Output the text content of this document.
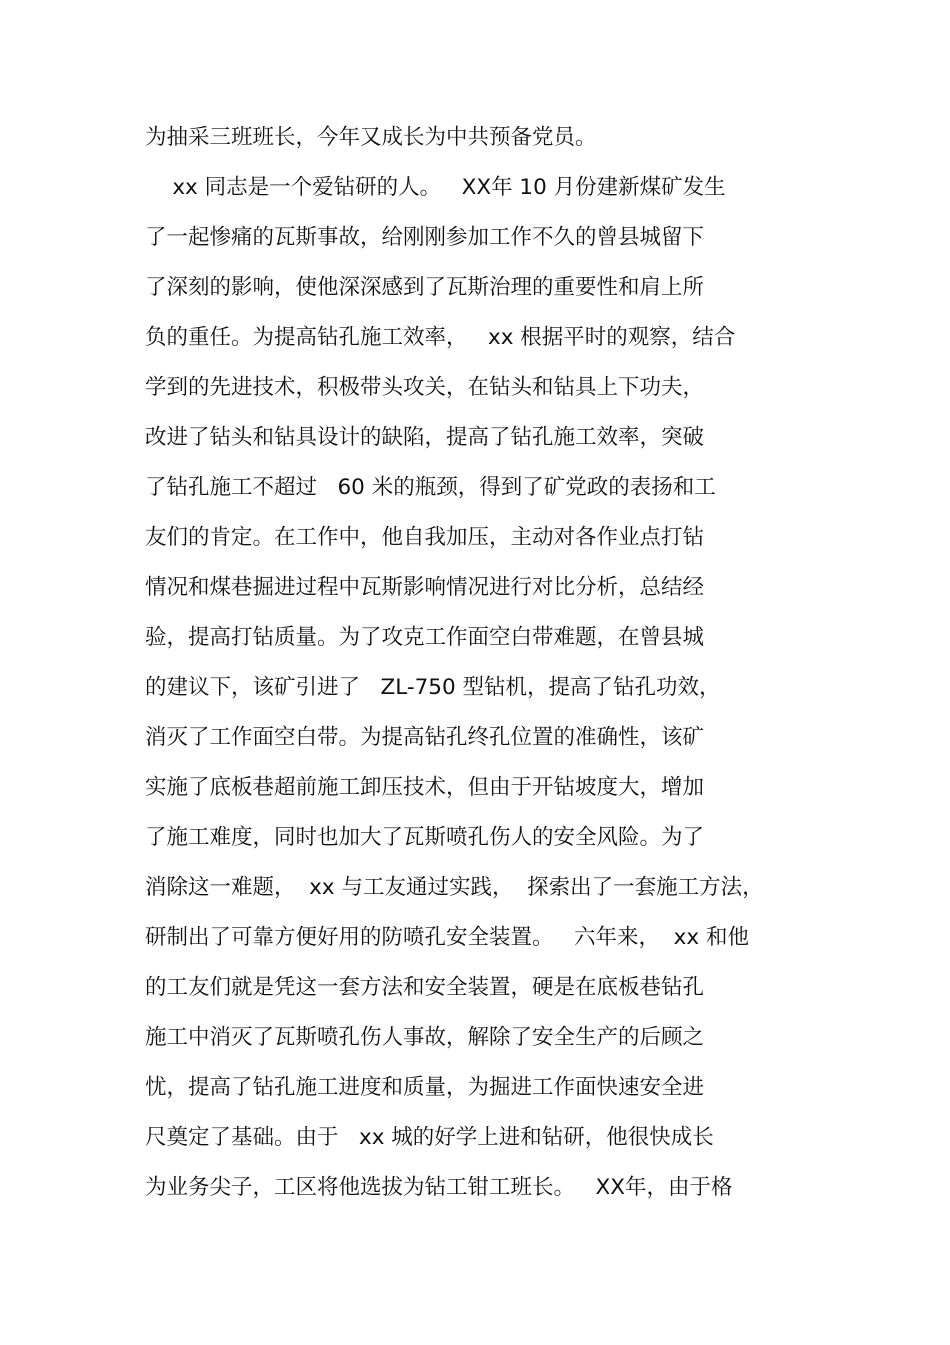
为抽采三班班长，今年又成长为中共预备党员。
xx 同志是一个爱钻研的人。   XX年 10 月份建新煤矿发生
了一起惨痛的瓦斯事故，给刚刚参加工作不久的曾县城留下
了深刻的影响，使他深深感到了瓦斯治理的重要性和肩上所
负的重任。为提高钻孔施工效率，   xx 根据平时的观察，结合
学到的先进技术，积极带头攻关，在钻头和钻具上下功夫，
改进了钻头和钻具设计的缺陷，提高了钻孔施工效率，突破
了钻孔施工不超过   60 米的瓶颈，得到了矿党政的表扬和工
友们的肯定。在工作中，他自我加压，主动对各作业点打钻
情况和煤巷掘进过程中瓦斯影响情况进行对比分析，总结经
验，提高打钻质量。为了攻克工作面空白带难题，在曾县城
的建议下，该矿引进了   ZL-750 型钻机，提高了钻孔功效，
消灭了工作面空白带。为提高钻孔终孔位置的准确性，该矿
实施了底板巷超前施工卸压技术，但由于开钻坡度大，增加
了施工难度，同时也加大了瓦斯喷孔伤人的安全风险。为了
消除这一难题，  xx 与工友通过实践，  探索出了一套施工方法，
研制出了可靠方便好用的防喷孔安全装置。   六年来，  xx 和他
的工友们就是凭这一套方法和安全装置，硬是在底板巷钻孔
施工中消灭了瓦斯喷孔伤人事故，解除了安全生产的后顾之
忧，提高了钻孔施工进度和质量，为掘进工作面快速安全进
尺奠定了基础。由于   xx 城的好学上进和钻研，他很快成长
为业务尖子，工区将他选拔为钻工钳工班长。   XX年，由于格
